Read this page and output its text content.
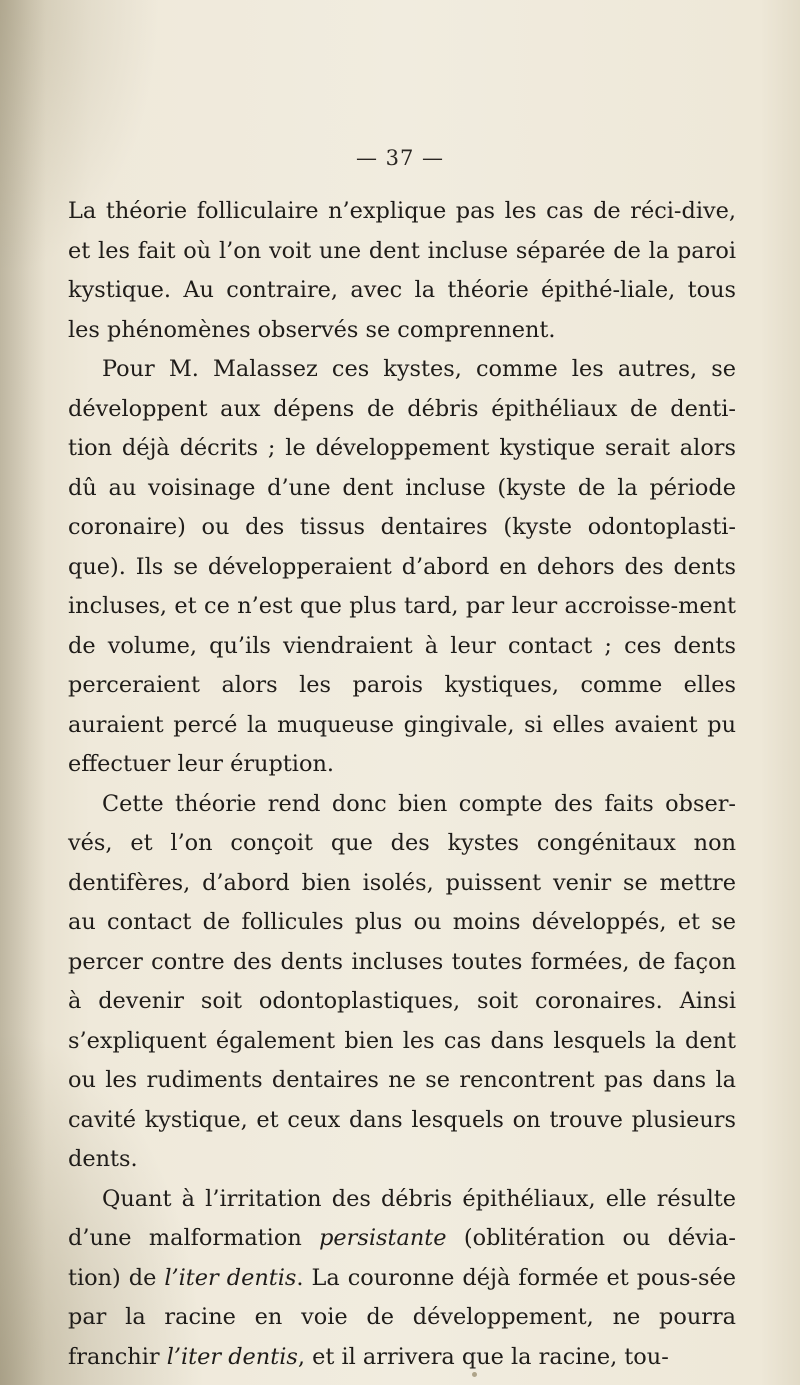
— 37 —

La théorie folliculaire n’explique pas les cas de réci-dive, et les fait où l’on voit une dent incluse séparée de la paroi kystique. Au contraire, avec la théorie épithé-liale, tous les phénomènes observés se comprennent.

Pour M. Malassez ces kystes, comme les autres, se développent aux dépens de débris épithéliaux de denti-tion déjà décrits ; le développement kystique serait alors dû au voisinage d’une dent incluse (kyste de la période coronaire) ou des tissus dentaires (kyste odontoplasti-que). Ils se développeraient d’abord en dehors des dents incluses, et ce n’est que plus tard, par leur accroisse-ment de volume, qu’ils viendraient à leur contact ; ces dents perceraient alors les parois kystiques, comme elles auraient percé la muqueuse gingivale, si elles avaient pu effectuer leur éruption.

Cette théorie rend donc bien compte des faits obser-vés, et l’on conçoit que des kystes congénitaux non dentifères, d’abord bien isolés, puissent venir se mettre au contact de follicules plus ou moins développés, et se percer contre des dents incluses toutes formées, de façon à devenir soit odontoplastiques, soit coronaires. Ainsi s’expliquent également bien les cas dans lesquels la dent ou les rudiments dentaires ne se rencontrent pas dans la cavité kystique, et ceux dans lesquels on trouve plusieurs dents.

Quant à l’irritation des débris épithéliaux, elle résulte d’une malformation persistante (oblitération ou dévia-tion) de l’iter dentis. La couronne déjà formée et pous-sée par la racine en voie de développement, ne pourra franchir l’iter dentis, et il arrivera que la racine, tou-
